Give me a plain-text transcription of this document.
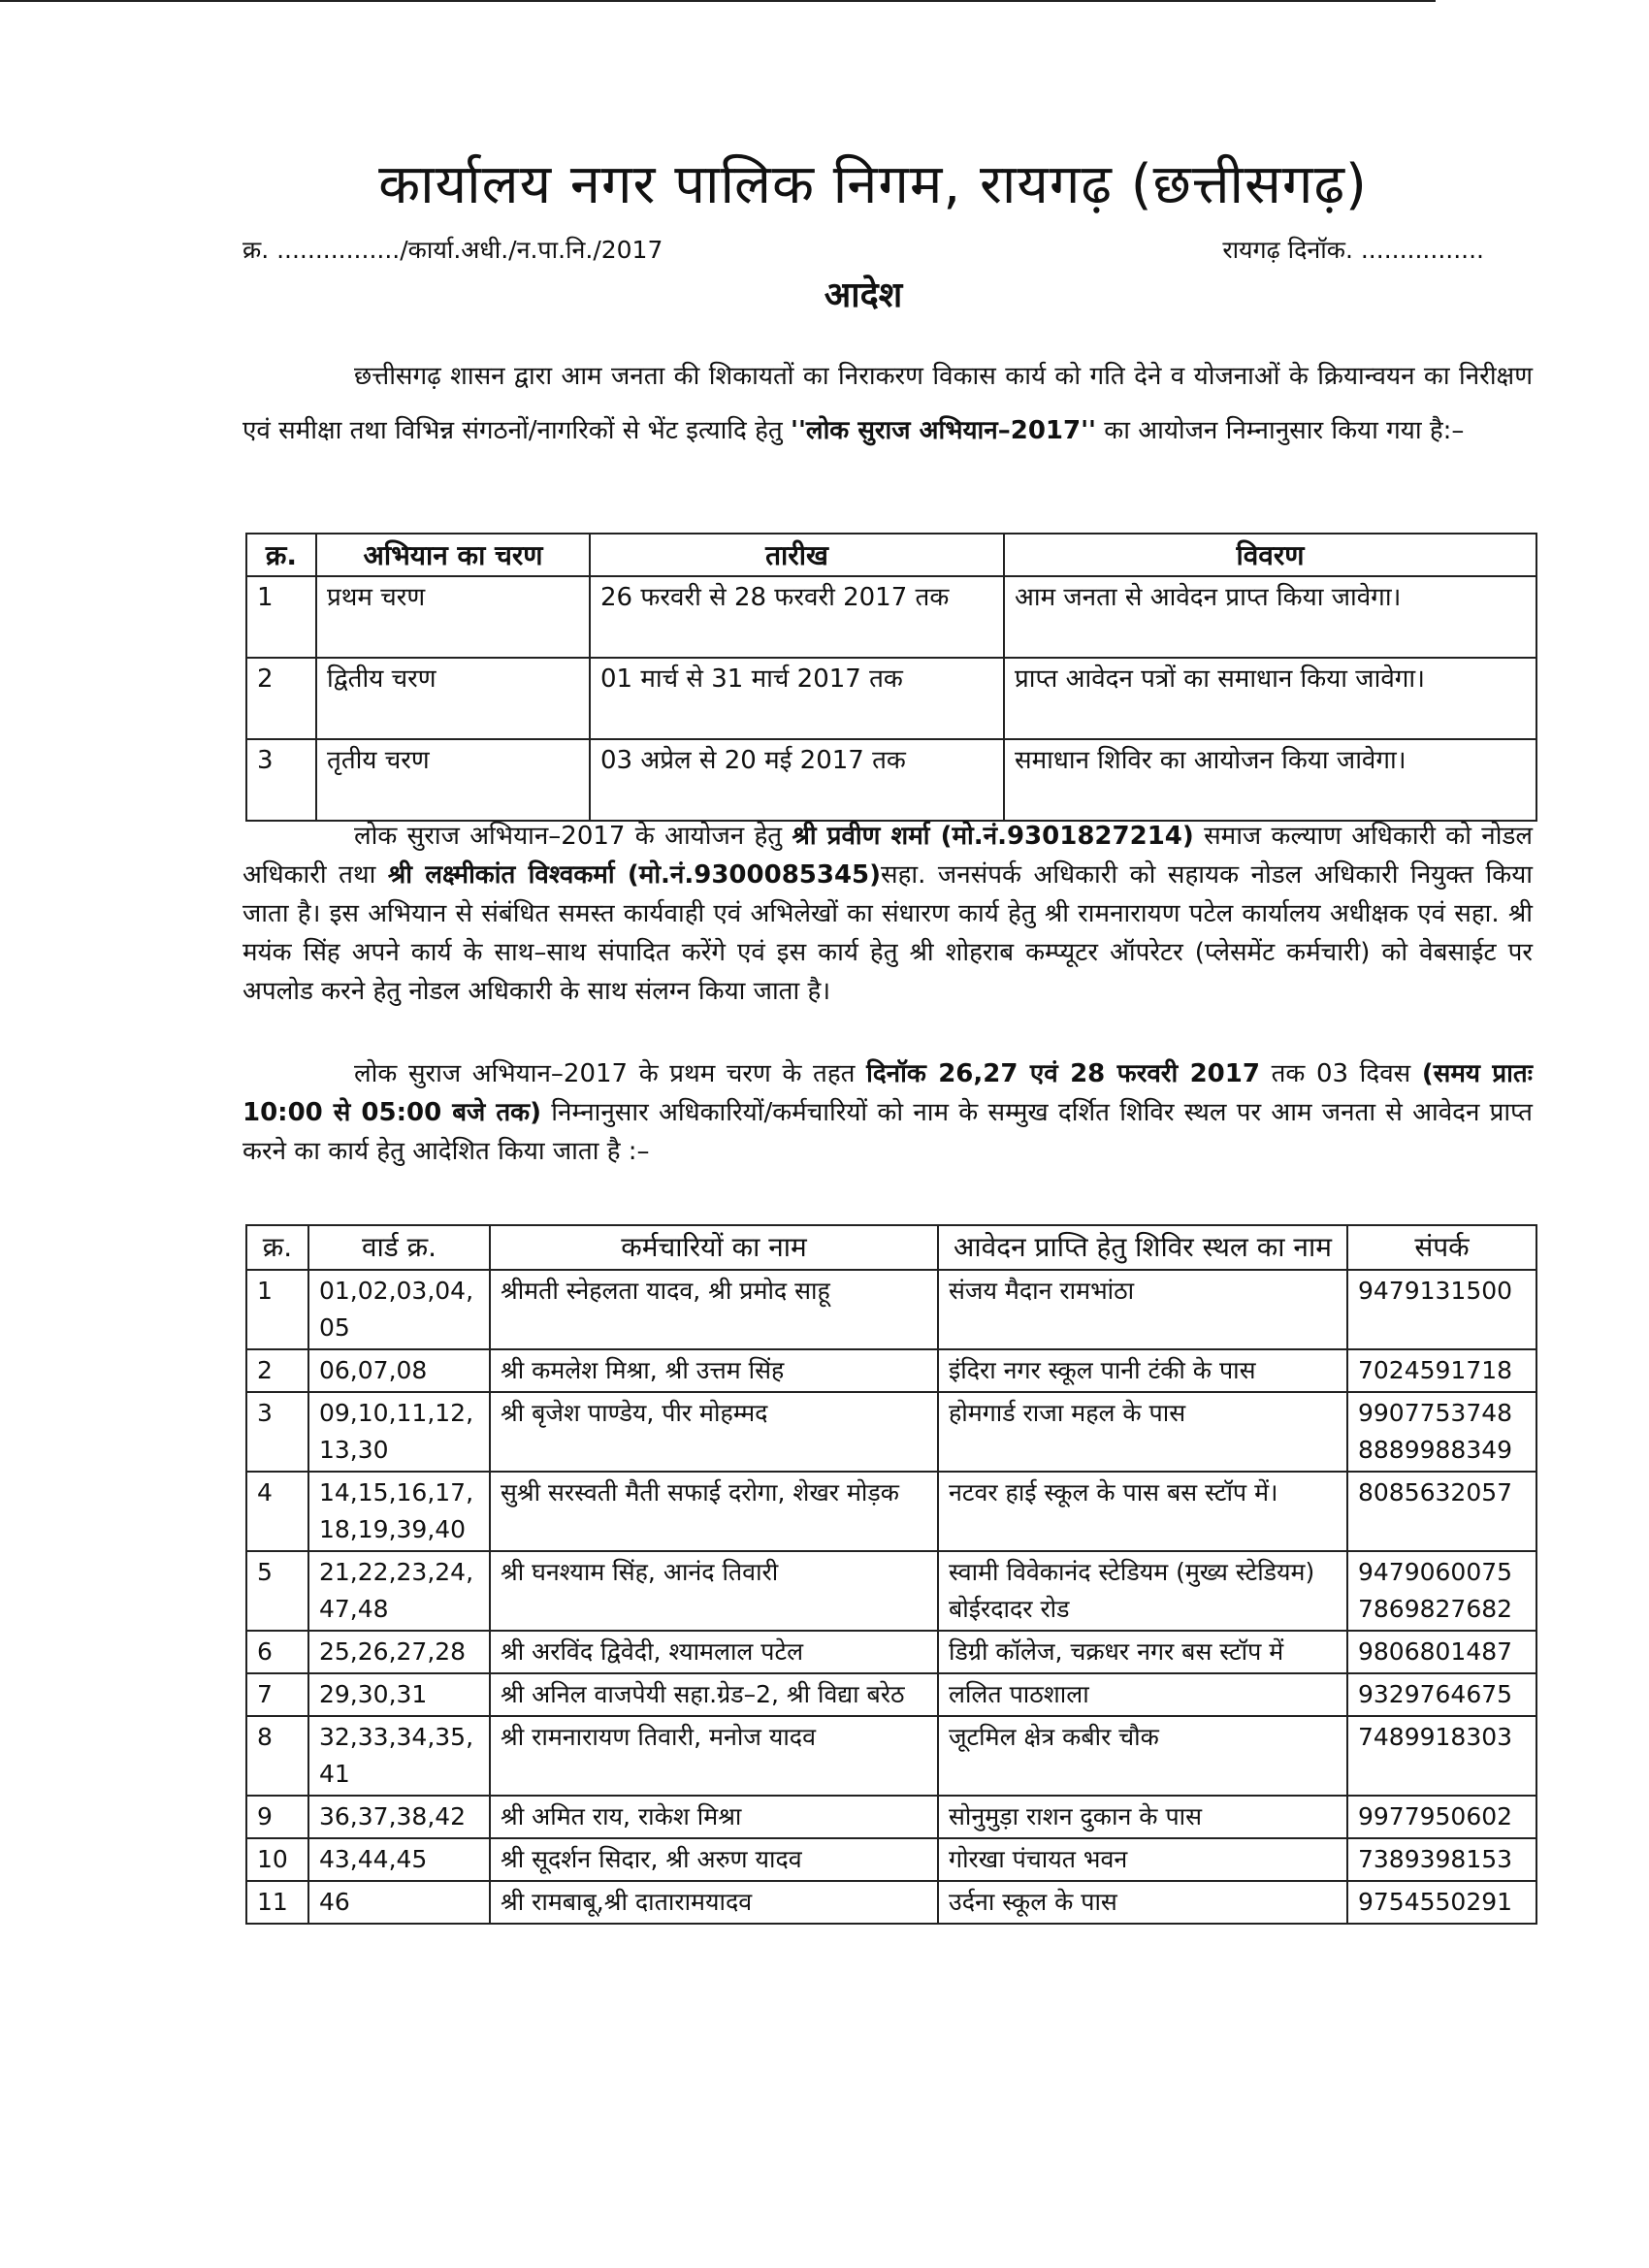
कार्यालय नगर पालिक निगम, रायगढ़ (छत्तीसगढ़)
क्र. ................/कार्या.अधी./न.पा.नि./2017	रायगढ़ दिनॉक. ................
आदेश
छत्तीसगढ़ शासन द्वारा आम जनता की शिकायतों का निराकरण विकास कार्य को गति देने व योजनाओं के क्रियान्वयन का निरीक्षण एवं समीक्षा तथा विभिन्न संगठनों/नागरिकों से भेंट इत्यादि हेतु ''लोक सुराज अभियान–2017'' का आयोजन निम्नानुसार किया गया है:–
क्र.	अभियान का चरण	तारीख	विवरण
1	प्रथम चरण	26 फरवरी से 28 फरवरी 2017 तक	आम जनता से आवेदन प्राप्त किया जावेगा।
2	द्वितीय चरण	01 मार्च से 31 मार्च 2017 तक	प्राप्त आवेदन पत्रों का समाधान किया जावेगा।
3	तृतीय चरण	03 अप्रेल से 20 मई 2017 तक	समाधान शिविर का आयोजन किया जावेगा।
लोक सुराज अभियान–2017 के आयोजन हेतु श्री प्रवीण शर्मा (मो.नं.9301827214) समाज कल्याण अधिकारी को नोडल अधिकारी तथा श्री लक्ष्मीकांत विश्वकर्मा (मो.नं.9300085345)सहा. जनसंपर्क अधिकारी को सहायक नोडल अधिकारी नियुक्त किया जाता है। इस अभियान से संबंधित समस्त कार्यवाही एवं अभिलेखों का संधारण कार्य हेतु श्री रामनारायण पटेल कार्यालय अधीक्षक एवं सहा. श्री मयंक सिंह अपने कार्य के साथ–साथ संपादित करेंगे एवं इस कार्य हेतु श्री शोहराब कम्प्यूटर ऑपरेटर (प्लेसमेंट कर्मचारी) को वेबसाईट पर अपलोड करने हेतु नोडल अधिकारी के साथ संलग्न किया जाता है।
लोक सुराज अभियान–2017 के प्रथम चरण के तहत दिनॉक 26,27 एवं 28 फरवरी 2017 तक 03 दिवस (समय प्रातः 10:00 से 05:00 बजे तक) निम्नानुसार अधिकारियों/कर्मचारियों को नाम के सम्मुख दर्शित शिविर स्थल पर आम जनता से आवेदन प्राप्त करने का कार्य हेतु आदेशित किया जाता है :–
क्र.	वार्ड क्र.	कर्मचारियों का नाम	आवेदन प्राप्ति हेतु शिविर स्थल का नाम	संपर्क
1	01,02,03,04, 05	श्रीमती स्नेहलता यादव, श्री प्रमोद साहू	संजय मैदान रामभांठा	9479131500
2	06,07,08	श्री कमलेश मिश्रा, श्री उत्तम सिंह	इंदिरा नगर स्कूल पानी टंकी के पास	7024591718
3	09,10,11,12, 13,30	श्री बृजेश पाण्डेय, पीर मोहम्मद	होमगार्ड राजा महल के पास	9907753748 8889988349
4	14,15,16,17, 18,19,39,40	सुश्री सरस्वती मैती सफाई दरोगा, शेखर मोड़क	नटवर हाई स्कूल के पास बस स्टॉप में।	8085632057
5	21,22,23,24, 47,48	श्री घनश्याम सिंह, आनंद तिवारी	स्वामी विवेकानंद स्टेडियम (मुख्य स्टेडियम) बोईरदादर रोड	9479060075 7869827682
6	25,26,27,28	श्री अरविंद द्विवेदी, श्यामलाल पटेल	डिग्री कॉलेज, चक्रधर नगर बस स्टॉप में	9806801487
7	29,30,31	श्री अनिल वाजपेयी सहा.ग्रेड–2, श्री विद्या बरेठ	ललित पाठशाला	9329764675
8	32,33,34,35, 41	श्री रामनारायण तिवारी, मनोज यादव	जूटमिल क्षेत्र कबीर चौक	7489918303
9	36,37,38,42	श्री अमित राय, राकेश मिश्रा	सोनुमुड़ा राशन दुकान के पास	9977950602
10	43,44,45	श्री सूदर्शन सिदार, श्री अरुण यादव	गोरखा पंचायत भवन	7389398153
11	46	श्री रामबाबू,श्री दातारामयादव	उर्दना स्कूल के पास	9754550291
